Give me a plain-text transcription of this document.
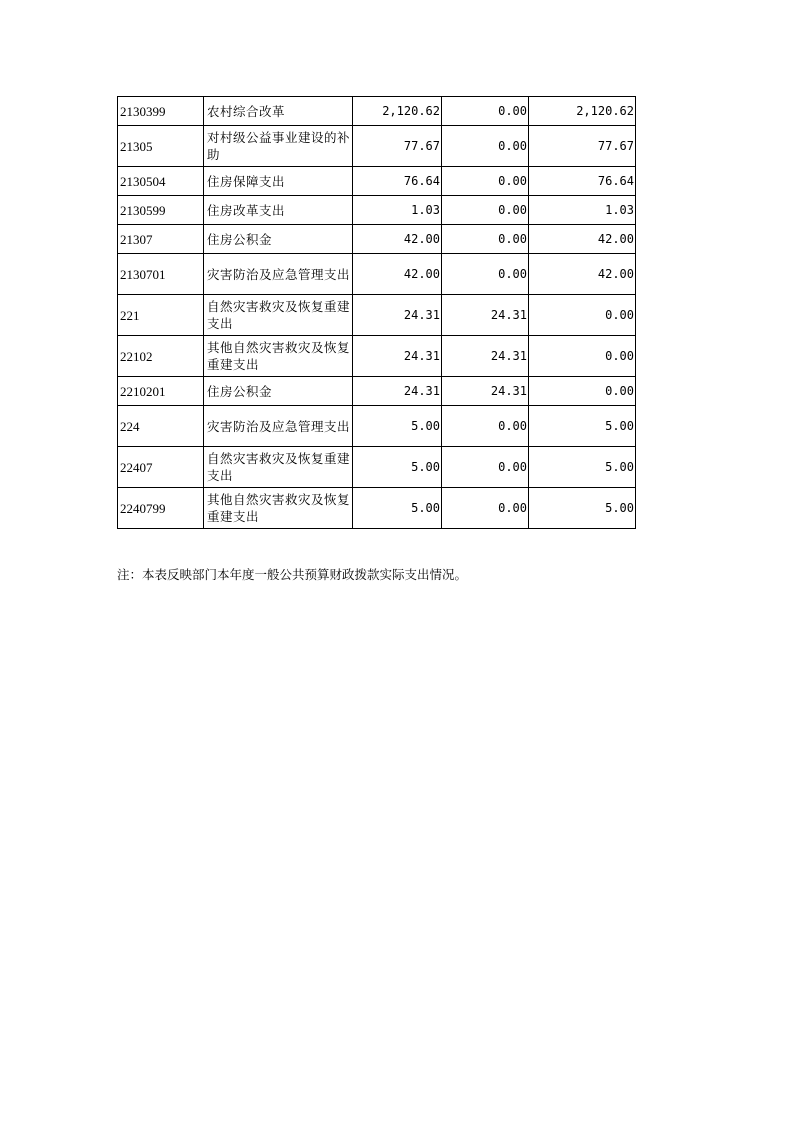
2130399	农村综合改革	2,120.62	0.00	2,120.62
21305	对村级公益事业建设的补助	77.67	0.00	77.67
2130504	住房保障支出	76.64	0.00	76.64
2130599	住房改革支出	1.03	0.00	1.03
21307	住房公积金	42.00	0.00	42.00
2130701	灾害防治及应急管理支出	42.00	0.00	42.00
221	自然灾害救灾及恢复重建支出	24.31	24.31	0.00
22102	其他自然灾害救灾及恢复重建支出	24.31	24.31	0.00
2210201	住房公积金	24.31	24.31	0.00
224	灾害防治及应急管理支出	5.00	0.00	5.00
22407	自然灾害救灾及恢复重建支出	5.00	0.00	5.00
2240799	其他自然灾害救灾及恢复重建支出	5.00	0.00	5.00
注：本表反映部门本年度一般公共预算财政拨款实际支出情况。
